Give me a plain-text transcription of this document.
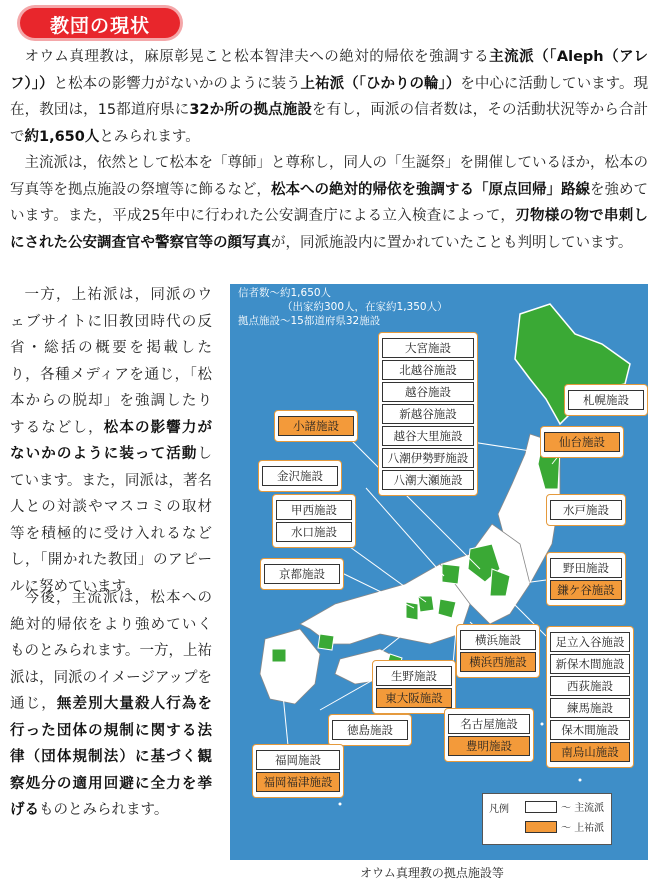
教団の現状
オウム真理教は，麻原彰晃こと松本智津夫への絶対的帰依を強調する主流派（「Aleph（アレフ）」）と松本の影響力がないかのように装う上祐派（「ひかりの輪」）を中心に活動しています。現在，教団は，15都道府県に32か所の拠点施設を有し，両派の信者数は，その活動状況等から合計で約1,650人とみられます。
主流派は，依然として松本を「尊師」と尊称し，同人の「生誕祭」を開催しているほか，松本の写真等を拠点施設の祭壇等に飾るなど，松本への絶対的帰依を強調する「原点回帰」路線を強めています。また，平成25年中に行われた公安調査庁による立入検査によって，刃物様の物で串刺しにされた公安調査官や警察官等の顔写真が，同派施設内に置かれていたことも判明しています。
一方，上祐派は，同派のウェブサイトに旧教団時代の反省・総括の概要を掲載したり，各種メディアを通じ，「松本からの脱却」を強調したりするなどし，松本の影響力がないかのように装って活動しています。また，同派は，著名人との対談やマスコミの取材等を積極的に受け入れるなどし，「開かれた教団」のアピールに努めています。
今後，主流派は，松本への絶対的帰依をより強めていくものとみられます。一方，上祐派は，同派のイメージアップを通じ，無差別大量殺人行為を行った団体の規制に関する法律（団体規制法）に基づく観察処分の適用回避に全力を挙げるものとみられます。
信者数～約1,650人
（出家約300人，在家約1,350人）
拠点施設～15都道府県32施設
大宮施設
北越谷施設
越谷施設
新越谷施設
越谷大里施設
八潮伊勢野施設
八潮大瀬施設
札幌施設
小諸施設
仙台施設
金沢施設
甲西施設
水口施設
水戸施設
京都施設	野田施設
鎌ケ谷施設
横浜施設
横浜西施設
足立入谷施設
新保木間施設
西荻施設
練馬施設
保木間施設
南烏山施設
生野施設
東大阪施設
徳島施設	名古屋施設
豊明施設
福岡施設
福岡福津施設
凡例	～ 主流派
～ 上祐派
オウム真理教の拠点施設等
